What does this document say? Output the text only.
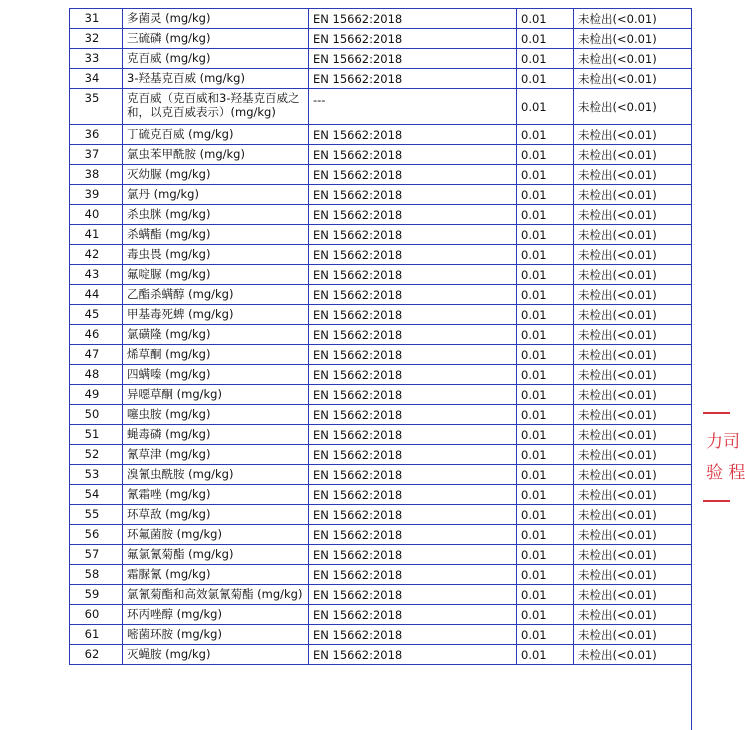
31	多菌灵 (mg/kg)	EN 15662:2018	0.01	未检出(<0.01)
32	三硫磷 (mg/kg)	EN 15662:2018	0.01	未检出(<0.01)
33	克百威 (mg/kg)	EN 15662:2018	0.01	未检出(<0.01)
34	3-羟基克百威 (mg/kg)	EN 15662:2018	0.01	未检出(<0.01)
35	克百威（克百威和3-羟基克百威之和，以克百威表示）(mg/kg)	---	0.01	未检出(<0.01)
36	丁硫克百威 (mg/kg)	EN 15662:2018	0.01	未检出(<0.01)
37	氯虫苯甲酰胺 (mg/kg)	EN 15662:2018	0.01	未检出(<0.01)
38	灭幼脲 (mg/kg)	EN 15662:2018	0.01	未检出(<0.01)
39	氯丹 (mg/kg)	EN 15662:2018	0.01	未检出(<0.01)
40	杀虫脒 (mg/kg)	EN 15662:2018	0.01	未检出(<0.01)
41	杀螨酯 (mg/kg)	EN 15662:2018	0.01	未检出(<0.01)
42	毒虫畏 (mg/kg)	EN 15662:2018	0.01	未检出(<0.01)
43	氟啶脲 (mg/kg)	EN 15662:2018	0.01	未检出(<0.01)
44	乙酯杀螨醇 (mg/kg)	EN 15662:2018	0.01	未检出(<0.01)
45	甲基毒死蜱 (mg/kg)	EN 15662:2018	0.01	未检出(<0.01)
46	氯磺隆 (mg/kg)	EN 15662:2018	0.01	未检出(<0.01)
47	烯草酮 (mg/kg)	EN 15662:2018	0.01	未检出(<0.01)
48	四螨嗪 (mg/kg)	EN 15662:2018	0.01	未检出(<0.01)
49	异噁草酮 (mg/kg)	EN 15662:2018	0.01	未检出(<0.01)
50	噻虫胺 (mg/kg)	EN 15662:2018	0.01	未检出(<0.01)
51	蝇毒磷 (mg/kg)	EN 15662:2018	0.01	未检出(<0.01)
52	氰草津 (mg/kg)	EN 15662:2018	0.01	未检出(<0.01)
53	溴氰虫酰胺 (mg/kg)	EN 15662:2018	0.01	未检出(<0.01)
54	氰霜唑 (mg/kg)	EN 15662:2018	0.01	未检出(<0.01)
55	环草敌 (mg/kg)	EN 15662:2018	0.01	未检出(<0.01)
56	环氟菌胺 (mg/kg)	EN 15662:2018	0.01	未检出(<0.01)
57	氟氯氰菊酯 (mg/kg)	EN 15662:2018	0.01	未检出(<0.01)
58	霜脲氰 (mg/kg)	EN 15662:2018	0.01	未检出(<0.01)
59	氯氰菊酯和高效氯氰菊酯 (mg/kg)	EN 15662:2018	0.01	未检出(<0.01)
60	环丙唑醇 (mg/kg)	EN 15662:2018	0.01	未检出(<0.01)
61	嘧菌环胺 (mg/kg)	EN 15662:2018	0.01	未检出(<0.01)
62	灭蝇胺 (mg/kg)	EN 15662:2018	0.01	未检出(<0.01)
力司
验 程
